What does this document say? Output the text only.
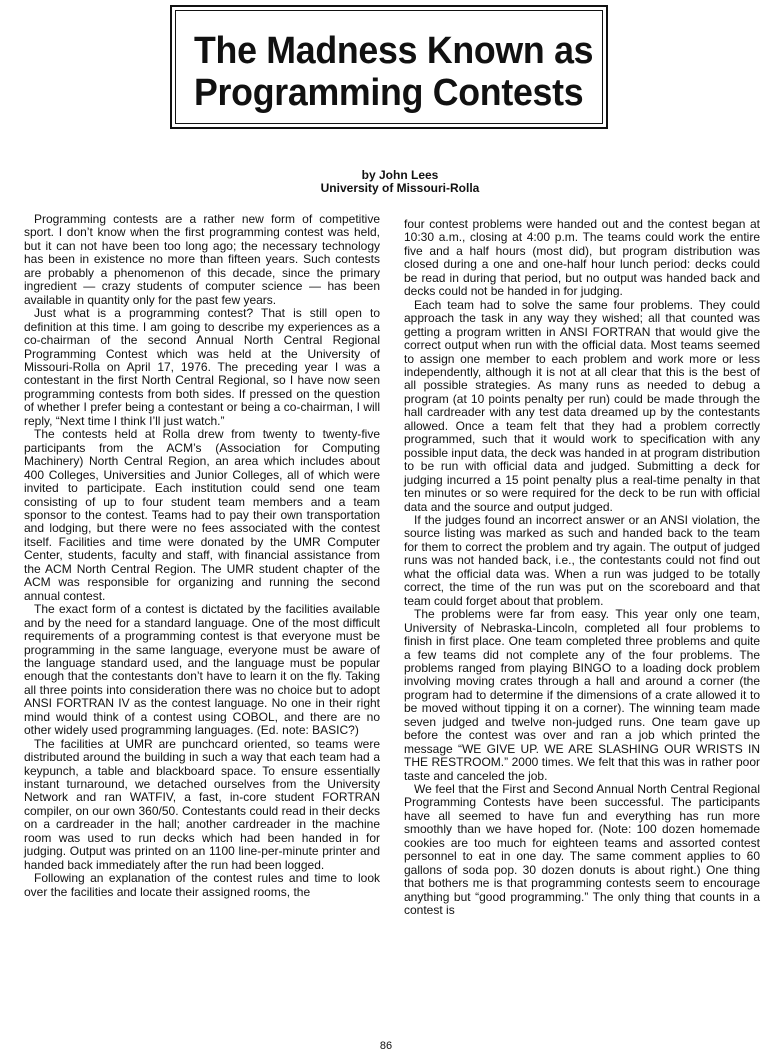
The Madness Known as
Programming Contests
by John Lees
University of Missouri-Rolla

Programming contests are a rather new form of competitive sport. I don’t know when the first programming contest was held, but it can not have been too long ago; the necessary technology has been in existence no more than fifteen years. Such contests are probably a phenomenon of this decade, since the primary ingredient — crazy students of computer science — has been available in quantity only for the past few years.

Just what is a programming contest? That is still open to definition at this time. I am going to describe my experiences as a co-chairman of the second Annual North Central Regional Programming Contest which was held at the University of Missouri-Rolla on April 17, 1976. The preceding year I was a contestant in the first North Central Regional, so I have now seen programming contests from both sides. If pressed on the question of whether I prefer being a contestant or being a co-chairman, I will reply, “Next time I think I’ll just watch.”

The contests held at Rolla drew from twenty to twenty-five participants from the ACM’s (Association for Computing Machinery) North Central Region, an area which includes about 400 Colleges, Universities and Junior Colleges, all of which were invited to participate. Each institution could send one team consisting of up to four student team members and a team sponsor to the contest. Teams had to pay their own transportation and lodging, but there were no fees associated with the contest itself. Facilities and time were donated by the UMR Computer Center, students, faculty and staff, with financial assistance from the ACM North Central Region. The UMR student chapter of the ACM was responsible for organizing and running the second annual contest.

The exact form of a contest is dictated by the facilities available and by the need for a standard language. One of the most difficult requirements of a programming contest is that everyone must be programming in the same language, everyone must be aware of the language standard used, and the language must be popular enough that the contestants don’t have to learn it on the fly. Taking all three points into consideration there was no choice but to adopt ANSI FORTRAN IV as the contest language. No one in their right mind would think of a contest using COBOL, and there are no other widely used programming languages. (Ed. note: BASIC?)

The facilities at UMR are punchcard oriented, so teams were distributed around the building in such a way that each team had a keypunch, a table and blackboard space. To ensure essentially instant turnaround, we detached ourselves from the University Network and ran WATFIV, a fast, in-core student FORTRAN compiler, on our own 360/50. Contestants could read in their decks on a cardreader in the hall; another cardreader in the machine room was used to run decks which had been handed in for judging. Output was printed on an 1100 line-per-minute printer and handed back immediately after the run had been logged.

Following an explanation of the contest rules and time to look over the facilities and locate their assigned rooms, the

four contest problems were handed out and the contest began at 10:30 a.m., closing at 4:00 p.m. The teams could work the entire five and a half hours (most did), but program distribution was closed during a one and one-half hour lunch period: decks could be read in during that period, but no output was handed back and decks could not be handed in for judging.

Each team had to solve the same four problems. They could approach the task in any way they wished; all that counted was getting a program written in ANSI FORTRAN that would give the correct output when run with the official data. Most teams seemed to assign one member to each problem and work more or less independently, although it is not at all clear that this is the best of all possible strategies. As many runs as needed to debug a program (at 10 points penalty per run) could be made through the hall cardreader with any test data dreamed up by the contestants allowed. Once a team felt that they had a problem correctly programmed, such that it would work to specification with any possible input data, the deck was handed in at program distribution to be run with official data and judged. Submitting a deck for judging incurred a 15 point penalty plus a real-time penalty in that ten minutes or so were required for the deck to be run with official data and the source and output judged.

If the judges found an incorrect answer or an ANSI violation, the source listing was marked as such and handed back to the team for them to correct the problem and try again. The output of judged runs was not handed back, i.e., the contestants could not find out what the official data was. When a run was judged to be totally correct, the time of the run was put on the scoreboard and that team could forget about that problem.

The problems were far from easy. This year only one team, University of Nebraska-Lincoln, completed all four problems to finish in first place. One team completed three problems and quite a few teams did not complete any of the four problems. The problems ranged from playing BINGO to a loading dock problem involving moving crates through a hall and around a corner (the program had to determine if the dimensions of a crate allowed it to be moved without tipping it on a corner). The winning team made seven judged and twelve non-judged runs. One team gave up before the contest was over and ran a job which printed the message “WE GIVE UP. WE ARE SLASHING OUR WRISTS IN THE RESTROOM.” 2000 times. We felt that this was in rather poor taste and canceled the job.

We feel that the First and Second Annual North Central Regional Programming Contests have been successful. The participants have all seemed to have fun and everything has run more smoothly than we have hoped for. (Note: 100 dozen homemade cookies are too much for eighteen teams and assorted contest personnel to eat in one day. The same comment applies to 60 gallons of soda pop. 30 dozen donuts is about right.) One thing that bothers me is that programming contests seem to encourage anything but “good programming.” The only thing that counts in a contest is

86
